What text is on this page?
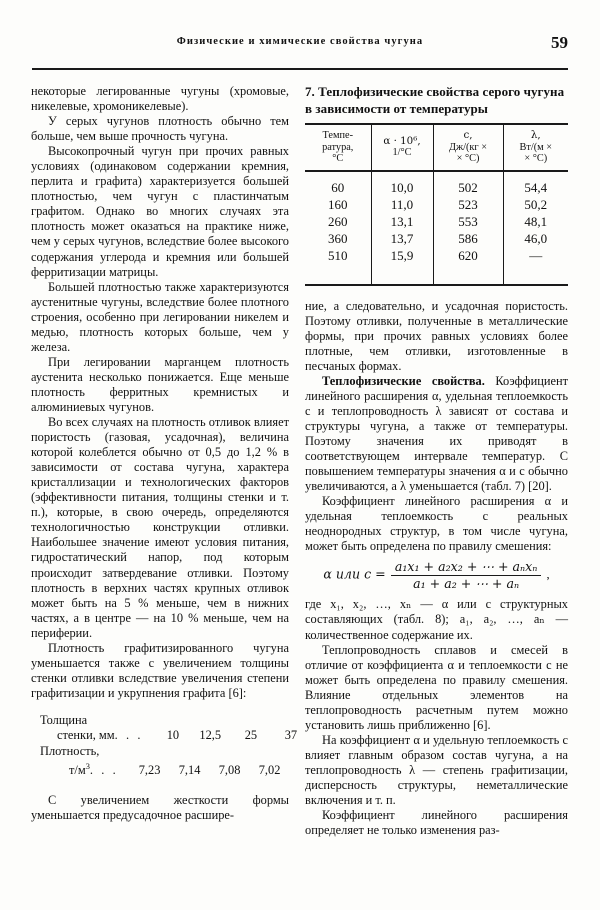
Физические и химические свойства чугуна	59

некоторые легированные чугуны (хромовые, никелевые, хромоникелевые).

У серых чугунов плотность обычно тем больше, чем выше прочность чугуна.

Высокопрочный чугун при прочих равных условиях (одинаковом содержании кремния, перлита и графита) характеризуется большей плотностью, чем чугун с пластинчатым графитом. Однако во многих случаях эта плотность может оказаться на практике ниже, чем у серых чугунов, вследствие более высокого содержания углерода и кремния или большей ферритизации матрицы.

Большей плотностью также характеризуются аустенитные чугуны, вследствие более плотного строения, особенно при легировании никелем и медью, плотность которых больше, чем у железа.

При легировании марганцем плотность аустенита несколько понижается. Еще меньше плотность ферритных кремнистых и алюминиевых чугунов.

Во всех случаях на плотность отливок влияет пористость (газовая, усадочная), величина которой колеблется обычно от 0,5 до 1,2 % в зависимости от состава чугуна, характера кристаллизации и технологических факторов (эффективности питания, толщины стенки и т. п.), которые, в свою очередь, определяются технологичностью конструкции отливки. Наибольшее значение имеют условия питания, гидростатический напор, под которым происходит затвердевание отливки. Поэтому плотность в верхних частях крупных отливок может быть на 5 % меньше, чем в нижних частях, а в центре — на 10 % меньше, чем на периферии.

Плотность графитизированного чугуна уменьшается также с увеличением толщины стенки отливки вследствие увеличения степени графитизации и укрупнения графита [6]:

Толщина
стенки, мм. . . 10 12,5 25 37
Плотность,
$т/м^3$. . . 7,23 7,14 7,08 7,02

С увеличением жесткости формы уменьшается предусадочное расшире-

7. Теплофизические свойства серого чугуна в зависимости от температуры

Темпе-
ратура,
°С	α · 10⁶,
1/°С	c,
Дж/(кг ×
× °С)	λ,
Вт/(м ×
× °С)

60	10,0	502	54,4
160	11,0	523	50,2
260	13,1	553	48,1
360	13,7	586	46,0
510	15,9	620	—

ние, а следовательно, и усадочная пористость. Поэтому отливки, полученные в металлические формы, при прочих равных условиях более плотные, чем отливки, изготовленные в песчаных формах.

Теплофизические свойства. Коэффициент линейного расширения α, удельная теплоемкость c и теплопроводность λ зависят от состава и структуры чугуна, а также от температуры. Поэтому значения их приводят в соответствующем интервале температур. С повышением температуры значения α и c обычно увеличиваются, а λ уменьшается (табл. 7) [20].

Коэффициент линейного расширения α и удельная теплоемкость c реальных неоднородных структур, в том числе чугуна, может быть определена по правилу смешения:

α или $c = \frac{\text{a₁x₁ + a₂x₂ + ⋯ + aₙxₙ}}{\text{a₁ + a₂ + ⋯ + aₙ}}$ ,

где x₁, x₂, …, xₙ — α или c структурных составляющих (табл. 8); a₁, a₂, …, aₙ — количественное содержание их.

Теплопроводность сплавов и смесей в отличие от коэффициента α и теплоемкости c не может быть определена по правилу смешения. Влияние отдельных элементов на теплопроводность расчетным путем можно установить лишь приближенно [6].

На коэффициент α и удельную теплоемкость c влияет главным образом состав чугуна, а на теплопроводность λ — степень графитизации, дисперсность структуры, неметаллические включения и т. п.

Коэффициент линейного расширения определяет не только изменения раз-
